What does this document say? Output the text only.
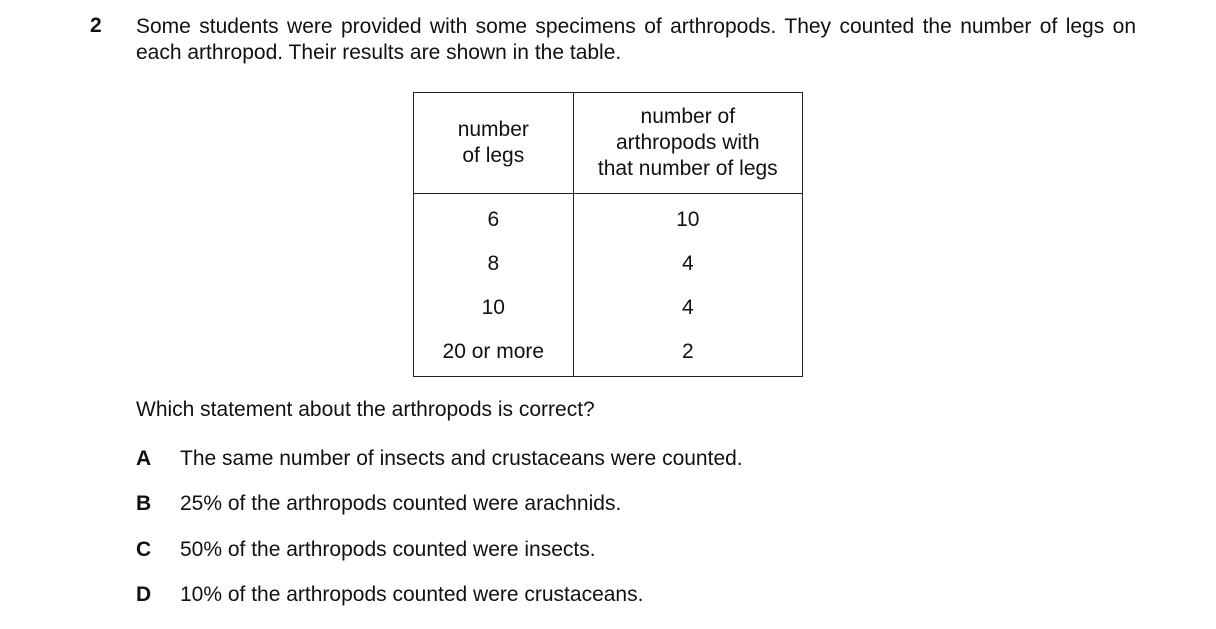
2 Some students were provided with some specimens of arthropods. They counted the number of legs on each arthropod. Their results are shown in the table.
number
of legs	number of
arthropods with
that number of legs
6	10
8	4
10	4
20 or more	2
Which statement about the arthropods is correct?
A	The same number of insects and crustaceans were counted.
B	25% of the arthropods counted were arachnids.
C	50% of the arthropods counted were insects.
D	10% of the arthropods counted were crustaceans.
